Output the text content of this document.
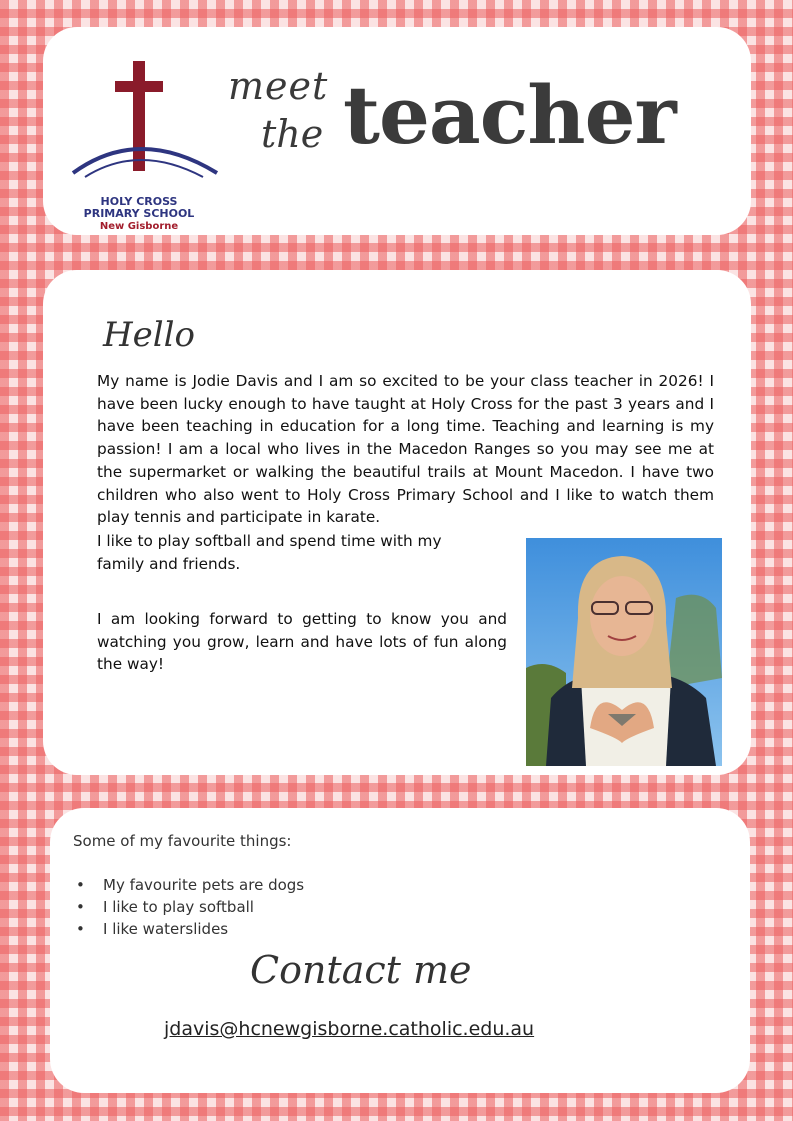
HOLY CROSS
PRIMARY SCHOOL
New Gisborne
meet
the teacher
Hello

My name is Jodie Davis and I am so excited to be your class teacher in 2026! I have been lucky enough to have taught at Holy Cross for the past 3 years and I have been teaching in education for a long time. Teaching and learning is my passion! I am a local who lives in the Macedon Ranges so you may see me at the supermarket or walking the beautiful trails at Mount Macedon. I have two children who also went to Holy Cross Primary School and I like to watch them play tennis and participate in karate.

I like to play softball and spend time with my family and friends.

I am looking forward to getting to know you and watching you grow, learn and have lots of fun along the way!

Some of my favourite things:
• My favourite pets are dogs
• I like to play softball
• I like waterslides
Contact me
jdavis@hcnewgisborne.catholic.edu.au
